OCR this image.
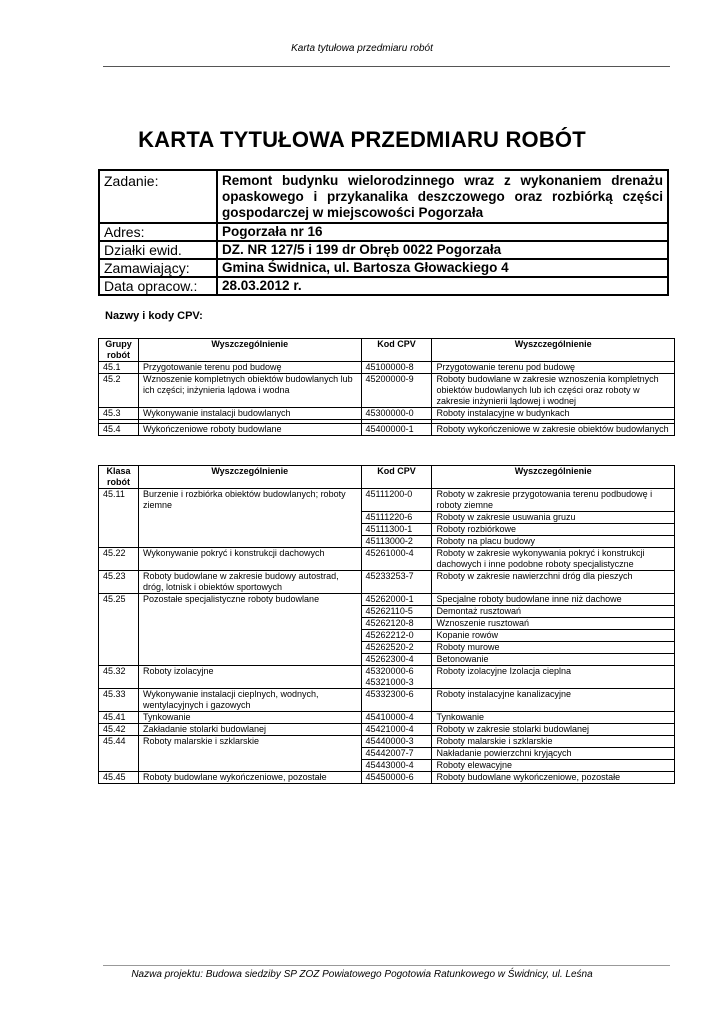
Karta tytułowa przedmiaru robót
KARTA TYTUŁOWA PRZEDMIARU ROBÓT
Zadanie:	Remont budynku wielorodzinnego wraz z wykonaniem drenażu opaskowego i przykanalika deszczowego oraz rozbiórką części gospodarczej w miejscowości Pogorzała
Adres:	Pogorzała nr 16
Działki ewid.	DZ. NR 127/5 i 199 dr Obręb 0022 Pogorzała
Zamawiający:	Gmina Świdnica, ul. Bartosza Głowackiego 4
Data opracow.:	28.03.2012 r.
Nazwy i kody CPV:
Grupy robót	Wyszczególnienie	Kod CPV	Wyszczególnienie
45.1	Przygotowanie terenu pod budowę	45100000-8	Przygotowanie terenu pod budowę
45.2	Wznoszenie kompletnych obiektów budowlanych lub ich części; inżynieria lądowa i wodna	45200000-9	Roboty budowlane w zakresie wznoszenia kompletnych obiektów budowlanych lub ich części oraz roboty w zakresie inżynierii lądowej i wodnej
45.3	Wykonywanie instalacji budowlanych	45300000-0	Roboty instalacyjne w budynkach

45.4	Wykończeniowe roboty budowlane	45400000-1	Roboty wykończeniowe w zakresie obiektów budowlanych
Klasa robót	Wyszczególnienie	Kod CPV	Wyszczególnienie
45.11	Burzenie i rozbiórka obiektów budowlanych; roboty ziemne	45111200-0	Roboty w zakresie przygotowania terenu podbudowę i roboty ziemne
		45111220-6	Roboty w zakresie usuwania gruzu
		45111300-1	Roboty rozbiórkowe
		45113000-2	Roboty na placu budowy
45.22	Wykonywanie pokryć i konstrukcji dachowych	45261000-4	Roboty w zakresie wykonywania pokryć i konstrukcji dachowych i inne podobne roboty specjalistyczne
45.23	Roboty budowlane w zakresie budowy autostrad, dróg, lotnisk i obiektów sportowych	45233253-7	Roboty w zakresie nawierzchni dróg dla pieszych
45.25	Pozostałe specjalistyczne roboty budowlane	45262000-1	Specjalne roboty budowlane inne niż dachowe
		45262110-5	Demontaż rusztowań
		45262120-8	Wznoszenie rusztowań
		45262212-0	Kopanie rowów
		45262520-2	Roboty murowe
		45262300-4	Betonowanie
45.32	Roboty izolacyjne	45320000-6 45321000-3	Roboty izolacyjne Izolacja cieplna
45.33	Wykonywanie instalacji cieplnych, wodnych, wentylacyjnych i gazowych	45332300-6	Roboty instalacyjne kanalizacyjne
45.41	Tynkowanie	45410000-4	Tynkowanie
45.42	Zakładanie stolarki budowlanej	45421000-4	Roboty w zakresie stolarki budowlanej
45.44	Roboty malarskie i szklarskie	45440000-3	Roboty malarskie i szklarskie
		45442007-7	Nakładanie powierzchni kryjących
		45443000-4	Roboty elewacyjne
45.45	Roboty budowlane wykończeniowe, pozostałe	45450000-6	Roboty budowlane wykończeniowe, pozostałe
Nazwa projektu: Budowa siedziby SP ZOZ Powiatowego Pogotowia Ratunkowego w Świdnicy, ul. Leśna
